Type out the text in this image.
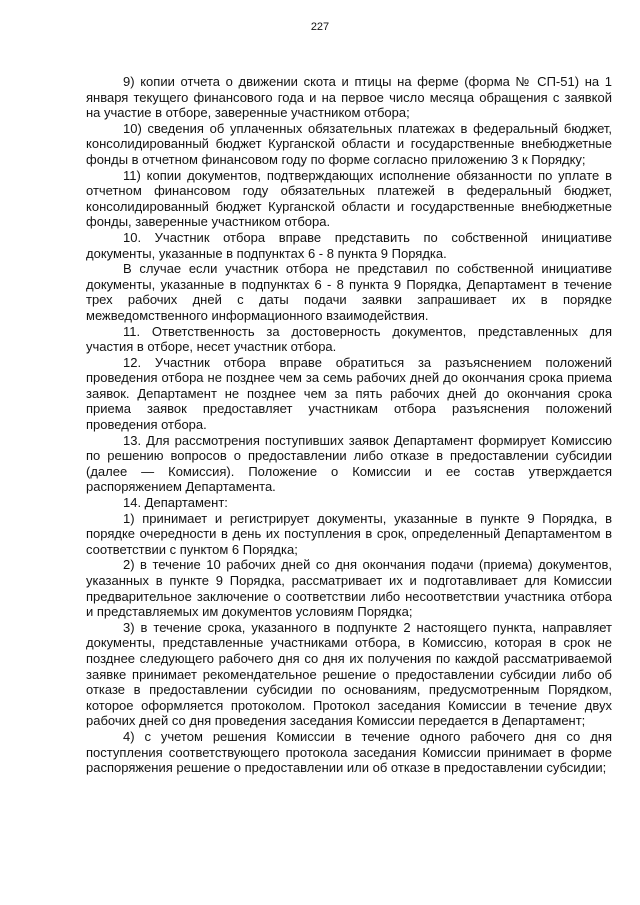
227

9) копии отчета о движении скота и птицы на ферме (форма № СП-51) на 1 января текущего финансового года и на первое число месяца обращения с заявкой на участие в отборе, заверенные участником отбора;

10) сведения об уплаченных обязательных платежах в федеральный бюджет, консолидированный бюджет Курганской области и государственные внебюджетные фонды в отчетном финансовом году по форме согласно приложению 3 к Порядку;

11) копии документов, подтверждающих исполнение обязанности по уплате в отчетном финансовом году обязательных платежей в федеральный бюджет, консолидированный бюджет Курганской области и государственные внебюджетные фонды, заверенные участником отбора.

10. Участник отбора вправе представить по собственной инициативе документы, указанные в подпунктах 6 - 8 пункта 9 Порядка.

В случае если участник отбора не представил по собственной инициативе документы, указанные в подпунктах 6 - 8 пункта 9 Порядка, Департамент в течение трех рабочих дней с даты подачи заявки запрашивает их в порядке межведомственного информационного взаимодействия.

11. Ответственность за достоверность документов, представленных для участия в отборе, несет участник отбора.

12. Участник отбора вправе обратиться за разъяснением положений проведения отбора не позднее чем за семь рабочих дней до окончания срока приема заявок. Департамент не позднее чем за пять рабочих дней до окончания срока приема заявок предоставляет участникам отбора разъяснения положений проведения отбора.

13. Для рассмотрения поступивших заявок Департамент формирует Комиссию по решению вопросов о предоставлении либо отказе в предоставлении субсидии (далее — Комиссия). Положение о Комиссии и ее состав утверждается распоряжением Департамента.

14. Департамент:

1) принимает и регистрирует документы, указанные в пункте 9 Порядка, в порядке очередности в день их поступления в срок, определенный Департаментом в соответствии с пунктом 6 Порядка;

2) в течение 10 рабочих дней со дня окончания подачи (приема) документов, указанных в пункте 9 Порядка, рассматривает их и подготавливает для Комиссии предварительное заключение о соответствии либо несоответствии участника отбора и представляемых им документов условиям Порядка;

3) в течение срока, указанного в подпункте 2 настоящего пункта, направляет документы, представленные участниками отбора, в Комиссию, которая в срок не позднее следующего рабочего дня со дня их получения по каждой рассматриваемой заявке принимает рекомендательное решение о предоставлении субсидии либо об отказе в предоставлении субсидии по основаниям, предусмотренным Порядком, которое оформляется протоколом. Протокол заседания Комиссии в течение двух рабочих дней со дня проведения заседания Комиссии передается в Департамент;

4) с учетом решения Комиссии в течение одного рабочего дня со дня поступления соответствующего протокола заседания Комиссии принимает в форме распоряжения решение о предоставлении или об отказе в предоставлении субсидии;
